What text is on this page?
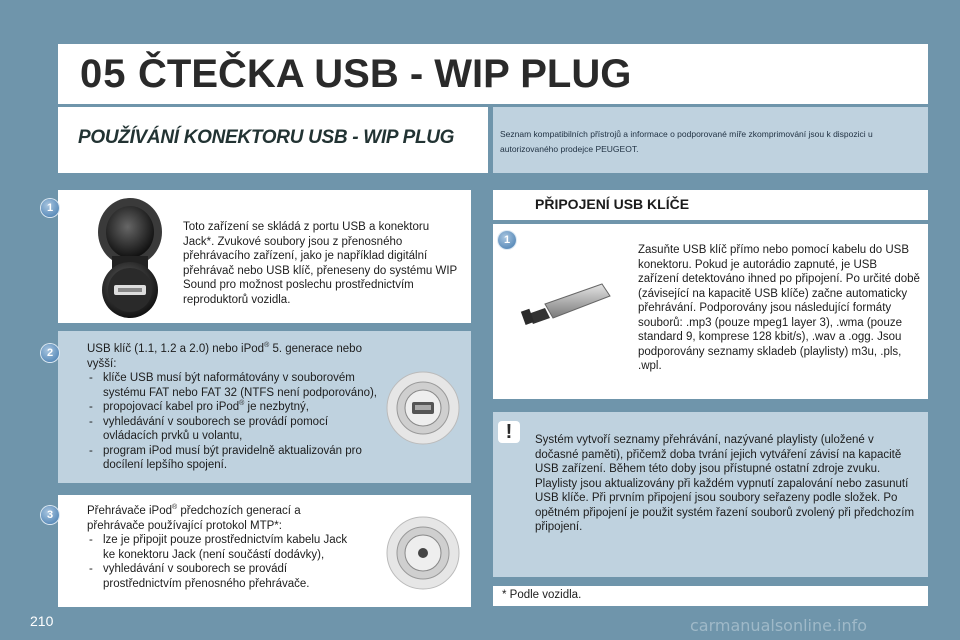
05 ČTEČKA USB - WIP PLUG
POUŽÍVÁNÍ KONEKTORU USB - WIP PLUG	Seznam kompatibilních přístrojů a informace o podporované míře zkomprimování jsou k dispozici u autorizovaného prodejce PEUGEOT.
1
Toto zařízení se skládá z portu USB a konektoru Jack*. Zvukové soubory jsou z přenosného přehrávacího zařízení, jako je například digitální přehrávač nebo USB klíč, přeneseny do systému WIP Sound pro možnost poslechu prostřednictvím reproduktorů vozidla.
2	USB klíč (1.1, 1.2 a 2.0) nebo iPod® 5. generace nebo vyšší:
- klíče USB musí být naformátovány v souborovém systému FAT nebo FAT 32 (NTFS není podporováno),
- propojovací kabel pro iPod® je nezbytný,
- vyhledávání v souborech se provádí pomocí ovládacích prvků u volantu,
- program iPod musí být pravidelně aktualizován pro docílení lepšího spojení.
3	Přehrávače iPod® předchozích generací a přehrávače používající protokol MTP*:
- lze je připojit pouze prostřednictvím kabelu Jack ke konektoru Jack (není součástí dodávky),
- vyhledávání v souborech se provádí prostřednictvím přenosného přehrávače.
PŘIPOJENÍ USB KLÍČE
1
Zasuňte USB klíč přímo nebo pomocí kabelu do USB konektoru. Pokud je autorádio zapnuté, je USB zařízení detektováno ihned po připojení. Po určité době (závisející na kapacitě USB klíče) začne automaticky přehrávání. Podporovány jsou následující formáty souborů: .mp3 (pouze mpeg1 layer 3), .wma (pouze standard 9, komprese 128 kbit/s), .wav a .ogg. Jsou podporovány seznamy skladeb (playlisty) m3u, .pls, .wpl.
!	Systém vytvoří seznamy přehrávání, nazývané playlisty (uložené v dočasné paměti), přičemž doba tvrání jejich vytváření závisí na kapacitě USB zařízení. Během této doby jsou přístupné ostatní zdroje zvuku. Playlisty jsou aktualizovány při každém vypnutí zapalování nebo zasunutí USB klíče. Při prvním připojení jsou soubory seřazeny podle složek. Po opětném připojení je použit systém řazení souborů zvolený při předchozím připojení.
* Podle vozidla.
210	carmanualsonline.info
